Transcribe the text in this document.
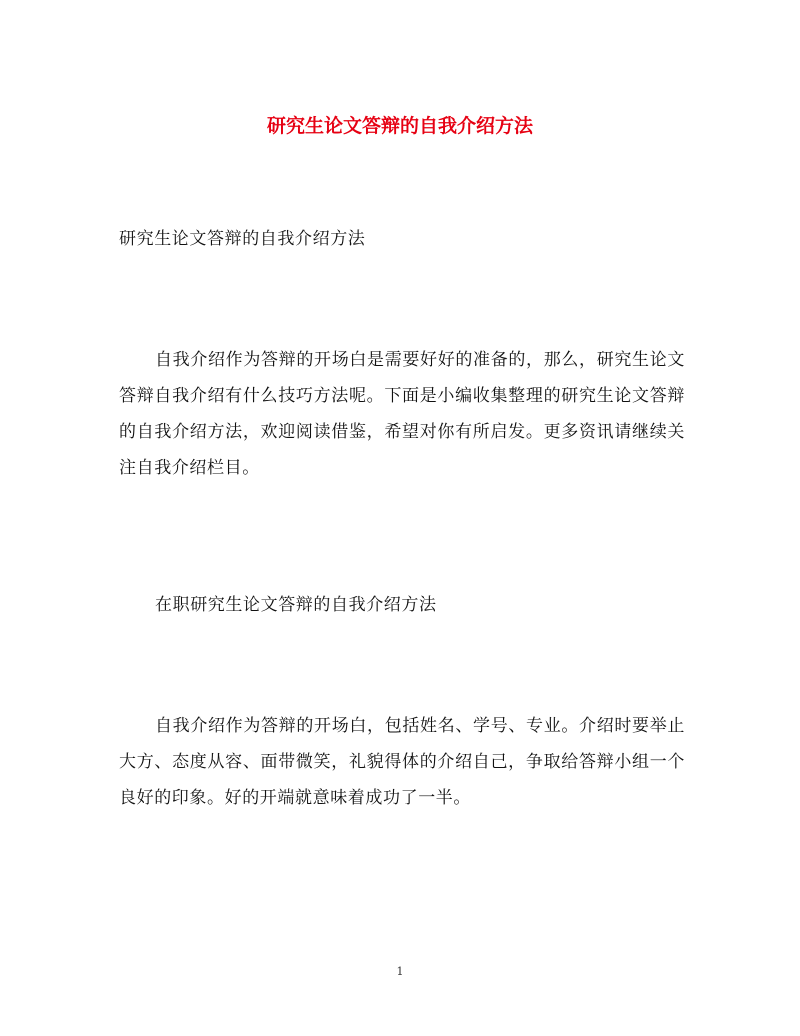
研究生论文答辩的自我介绍方法
研究生论文答辩的自我介绍方法
自我介绍作为答辩的开场白是需要好好的准备的，那么，研究生论文答辩自我介绍有什么技巧方法呢。下面是小编收集整理的研究生论文答辩的自我介绍方法，欢迎阅读借鉴，希望对你有所启发。更多资讯请继续关注自我介绍栏目。
在职研究生论文答辩的自我介绍方法
自我介绍作为答辩的开场白，包括姓名、学号、专业。介绍时要举止大方、态度从容、面带微笑，礼貌得体的介绍自己，争取给答辩小组一个良好的印象。好的开端就意味着成功了一半。
1
